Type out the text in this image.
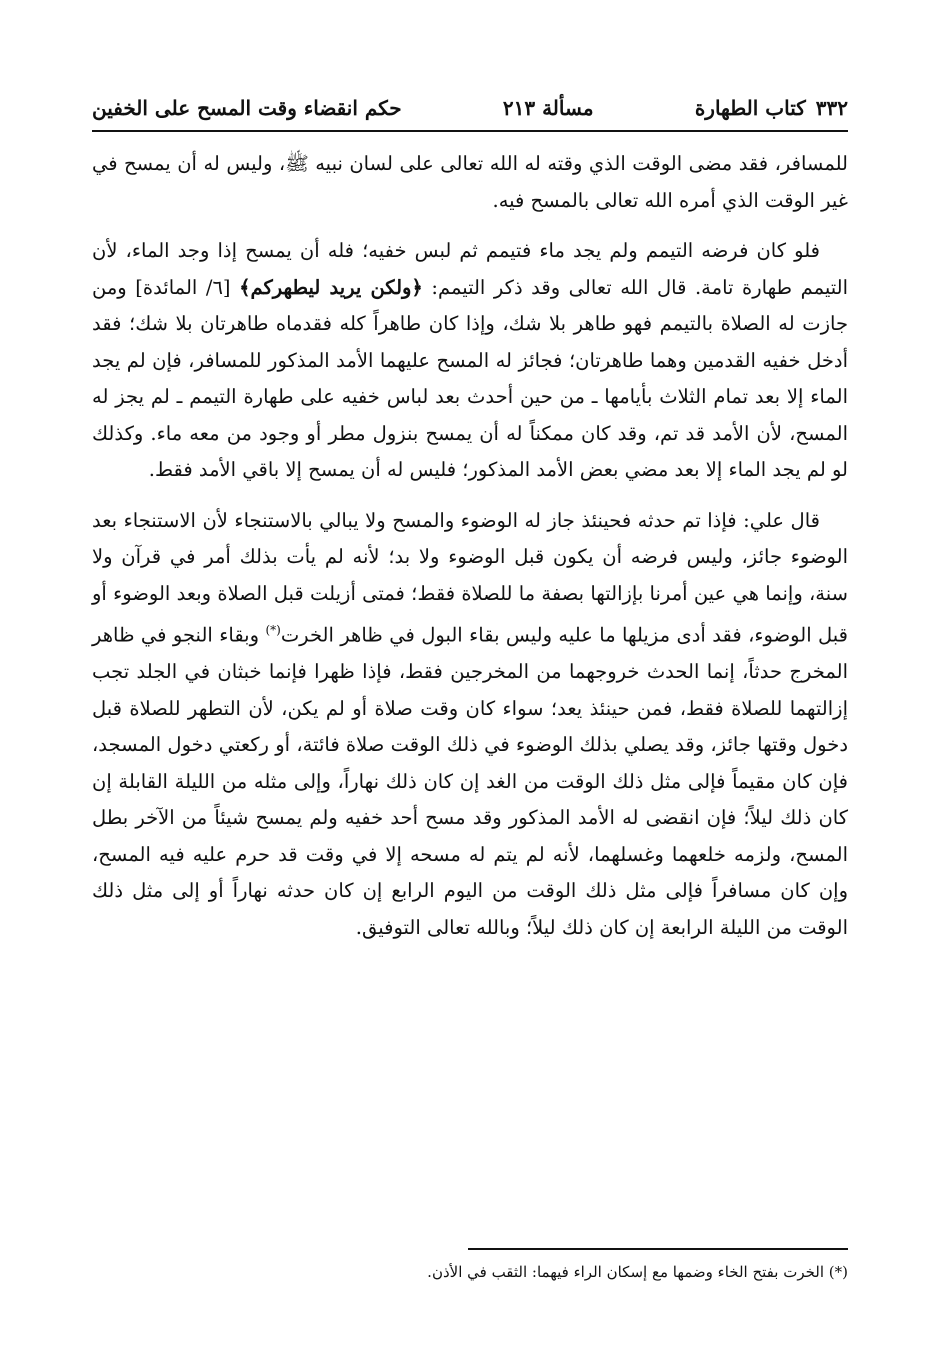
٣٣٢
كتاب الطهارة
مسألة ٢١٣
حكم انقضاء وقت المسح على الخفين

للمسافر، فقد مضى الوقت الذي وقته له الله تعالى على لسان نبيه ﷺ، وليس له أن يمسح في غير الوقت الذي أمره الله تعالى بالمسح فيه.

فلو كان فرضه التيمم ولم يجد ماء فتيمم ثم لبس خفيه؛ فله أن يمسح إذا وجد الماء، لأن التيمم طهارة تامة. قال الله تعالى وقد ذكر التيمم: ﴿ولكن يريد ليطهركم﴾ [٦/ المائدة] ومن جازت له الصلاة بالتيمم فهو طاهر بلا شك، وإذا كان طاهراً كله فقدماه طاهرتان بلا شك؛ فقد أدخل خفيه القدمين وهما طاهرتان؛ فجائز له المسح عليهما الأمد المذكور للمسافر، فإن لم يجد الماء إلا بعد تمام الثلاث بأيامها ـ من حين أحدث بعد لباس خفيه على طهارة التيمم ـ لم يجز له المسح، لأن الأمد قد تم، وقد كان ممكناً له أن يمسح بنزول مطر أو وجود من معه ماء. وكذلك لو لم يجد الماء إلا بعد مضي بعض الأمد المذكور؛ فليس له أن يمسح إلا باقي الأمد فقط.

قال علي: فإذا تم حدثه فحينئذ جاز له الوضوء والمسح ولا يبالي بالاستنجاء لأن الاستنجاء بعد الوضوء جائز، وليس فرضه أن يكون قبل الوضوء ولا بد؛ لأنه لم يأت بذلك أمر في قرآن ولا سنة، وإنما هي عين أمرنا بإزالتها بصفة ما للصلاة فقط؛ فمتى أزيلت قبل الصلاة وبعد الوضوء أو قبل الوضوء، فقد أدى مزيلها ما عليه وليس بقاء البول في ظاهر الخرت(*) وبقاء النجو في ظاهر المخرج حدثاً، إنما الحدث خروجهما من المخرجين فقط، فإذا ظهرا فإنما خبثان في الجلد تجب إزالتهما للصلاة فقط، فمن حينئذ يعد؛ سواء كان وقت صلاة أو لم يكن، لأن التطهر للصلاة قبل دخول وقتها جائز، وقد يصلي بذلك الوضوء في ذلك الوقت صلاة فائتة، أو ركعتي دخول المسجد، فإن كان مقيماً فإلى مثل ذلك الوقت من الغد إن كان ذلك نهاراً، وإلى مثله من الليلة القابلة إن كان ذلك ليلاً؛ فإن انقضى له الأمد المذكور وقد مسح أحد خفيه ولم يمسح شيئاً من الآخر بطل المسح، ولزمه خلعهما وغسلهما، لأنه لم يتم له مسحه إلا في وقت قد حرم عليه فيه المسح، وإن كان مسافراً فإلى مثل ذلك الوقت من اليوم الرابع إن كان حدثه نهاراً أو إلى مثل ذلك الوقت من الليلة الرابعة إن كان ذلك ليلاً؛ وبالله تعالى التوفيق.

(*) الخرت بفتح الخاء وضمها مع إسكان الراء فيهما: الثقب في الأذن.
